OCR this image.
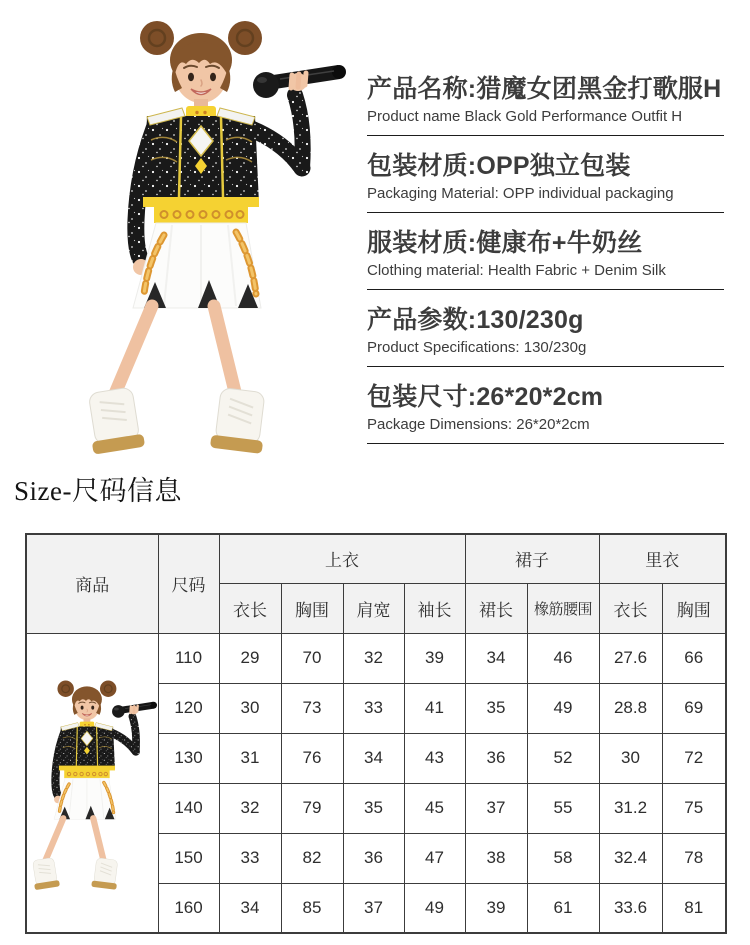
产品名称:猎魔女团黑金打歌服H
Product name Black Gold Performance Outfit H
包装材质:OPP独立包装
Packaging Material: OPP individual packaging
服装材质:健康布+牛奶丝
Clothing material: Health Fabric + Denim Silk
产品参数:130/230g
Product Specifications: 130/230g
包装尺寸:26*20*2cm
Package Dimensions: 26*20*2cm
Size-尺码信息
商品	尺码	上衣				裙子		里衣	
		衣长	胸围	肩宽	袖长	裙长	橡筋腰围	衣长	胸围

	110	29	70	32	39	34	46	27.6	66
	120	30	73	33	41	35	49	28.8	69
	130	31	76	34	43	36	52	30	72
	140	32	79	35	45	37	55	31.2	75
	150	33	82	36	47	38	58	32.4	78
	160	34	85	37	49	39	61	33.6	81
